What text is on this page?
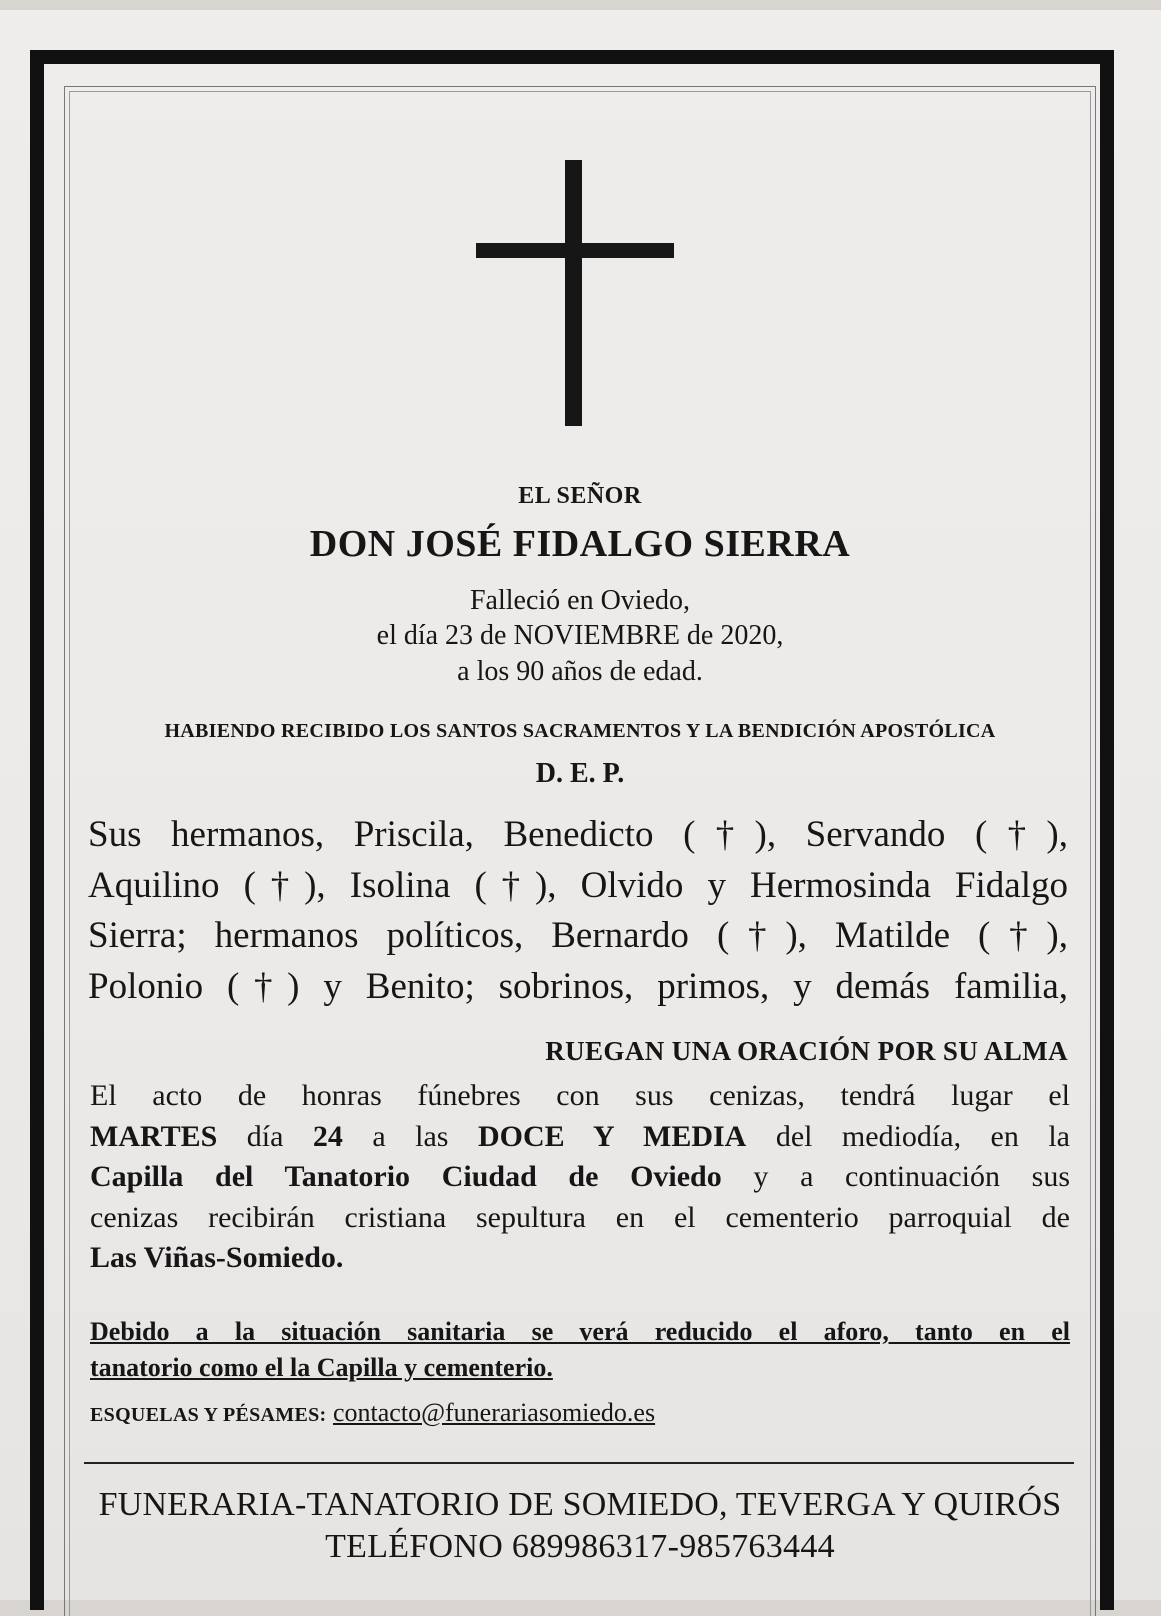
EL SEÑOR
DON JOSÉ FIDALGO SIERRA
Falleció en Oviedo,
el día 23 de NOVIEMBRE de 2020,
a los 90 años de edad.
HABIENDO RECIBIDO LOS SANTOS SACRAMENTOS Y LA BENDICIÓN APOSTÓLICA
D. E. P.
Sus hermanos, Priscila, Benedicto (†), Servando (†),
Aquilino (†), Isolina (†), Olvido y Hermosinda Fidalgo
Sierra; hermanos políticos, Bernardo (†), Matilde (†),
Polonio (†) y Benito; sobrinos, primos, y demás familia,
RUEGAN UNA ORACIÓN POR SU ALMA
El acto de honras fúnebres con sus cenizas, tendrá lugar el
MARTES día 24 a las DOCE Y MEDIA del mediodía, en la
Capilla del Tanatorio Ciudad de Oviedo y a continuación sus
cenizas recibirán cristiana sepultura en el cementerio parroquial de
Las Viñas-Somiedo.
Debido a la situación sanitaria se verá reducido el aforo, tanto en el
tanatorio como el la Capilla y cementerio.
ESQUELAS Y PÉSAMES: contacto@funerariasomiedo.es
FUNERARIA-TANATORIO DE SOMIEDO, TEVERGA Y QUIRÓS
TELÉFONO 689986317-985763444
